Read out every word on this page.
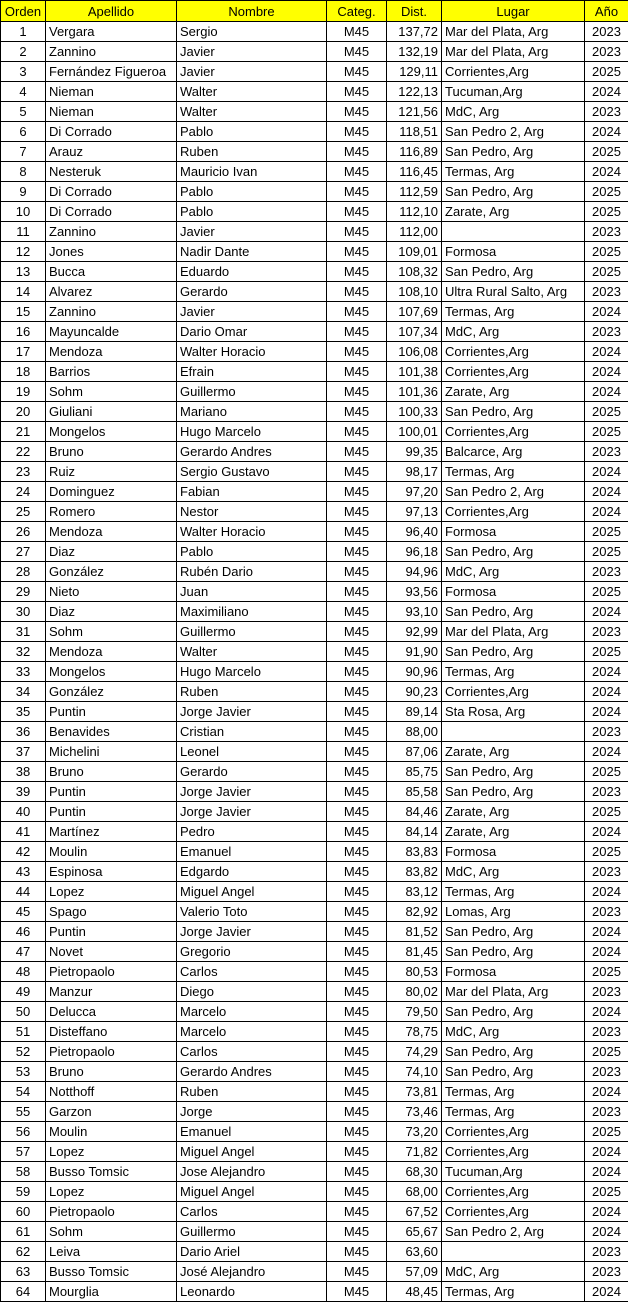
Orden	Apellido	Nombre	Categ.	Dist.	Lugar	Año
1	Vergara	Sergio	M45	137,72	Mar del Plata, Arg	2023
2	Zannino	Javier	M45	132,19	Mar del Plata, Arg	2023
3	Fernández Figueroa	Javier	M45	129,11	Corrientes,Arg	2025
4	Nieman	Walter	M45	122,13	Tucuman,Arg	2024
5	Nieman	Walter	M45	121,56	MdC, Arg	2023
6	Di Corrado	Pablo	M45	118,51	San Pedro 2, Arg	2024
7	Arauz	Ruben	M45	116,89	San Pedro, Arg	2025
8	Nesteruk	Mauricio Ivan	M45	116,45	Termas, Arg	2024
9	Di Corrado	Pablo	M45	112,59	San Pedro, Arg	2025
10	Di Corrado	Pablo	M45	112,10	Zarate, Arg	2025
11	Zannino	Javier	M45	112,00		2023
12	Jones	Nadir Dante	M45	109,01	Formosa	2025
13	Bucca	Eduardo	M45	108,32	San Pedro, Arg	2025
14	Alvarez	Gerardo	M45	108,10	Ultra Rural Salto, Arg	2023
15	Zannino	Javier	M45	107,69	Termas, Arg	2024
16	Mayuncalde	Dario Omar	M45	107,34	MdC, Arg	2023
17	Mendoza	Walter Horacio	M45	106,08	Corrientes,Arg	2024
18	Barrios	Efrain	M45	101,38	Corrientes,Arg	2024
19	Sohm	Guillermo	M45	101,36	Zarate, Arg	2024
20	Giuliani	Mariano	M45	100,33	San Pedro, Arg	2025
21	Mongelos	Hugo Marcelo	M45	100,01	Corrientes,Arg	2025
22	Bruno	Gerardo Andres	M45	99,35	Balcarce, Arg	2023
23	Ruiz	Sergio Gustavo	M45	98,17	Termas, Arg	2024
24	Dominguez	Fabian	M45	97,20	San Pedro 2, Arg	2024
25	Romero	Nestor	M45	97,13	Corrientes,Arg	2024
26	Mendoza	Walter Horacio	M45	96,40	Formosa	2025
27	Diaz	Pablo	M45	96,18	San Pedro, Arg	2025
28	González	Rubén Dario	M45	94,96	MdC, Arg	2023
29	Nieto	Juan	M45	93,56	Formosa	2025
30	Diaz	Maximiliano	M45	93,10	San Pedro, Arg	2024
31	Sohm	Guillermo	M45	92,99	Mar del Plata, Arg	2023
32	Mendoza	Walter	M45	91,90	San Pedro, Arg	2025
33	Mongelos	Hugo Marcelo	M45	90,96	Termas, Arg	2024
34	González	Ruben	M45	90,23	Corrientes,Arg	2024
35	Puntin	Jorge Javier	M45	89,14	Sta Rosa, Arg	2024
36	Benavides	Cristian	M45	88,00		2023
37	Michelini	Leonel	M45	87,06	Zarate, Arg	2024
38	Bruno	Gerardo	M45	85,75	San Pedro, Arg	2025
39	Puntin	Jorge Javier	M45	85,58	San Pedro, Arg	2023
40	Puntin	Jorge Javier	M45	84,46	Zarate, Arg	2025
41	Martínez	Pedro	M45	84,14	Zarate, Arg	2024
42	Moulin	Emanuel	M45	83,83	Formosa	2025
43	Espinosa	Edgardo	M45	83,82	MdC, Arg	2023
44	Lopez	Miguel Angel	M45	83,12	Termas, Arg	2024
45	Spago	Valerio Toto	M45	82,92	Lomas, Arg	2023
46	Puntin	Jorge Javier	M45	81,52	San Pedro, Arg	2024
47	Novet	Gregorio	M45	81,45	San Pedro, Arg	2024
48	Pietropaolo	Carlos	M45	80,53	Formosa	2025
49	Manzur	Diego	M45	80,02	Mar del Plata, Arg	2023
50	Delucca	Marcelo	M45	79,50	San Pedro, Arg	2024
51	Disteffano	Marcelo	M45	78,75	MdC, Arg	2023
52	Pietropaolo	Carlos	M45	74,29	San Pedro, Arg	2025
53	Bruno	Gerardo Andres	M45	74,10	San Pedro, Arg	2023
54	Notthoff	Ruben	M45	73,81	Termas, Arg	2024
55	Garzon	Jorge	M45	73,46	Termas, Arg	2023
56	Moulin	Emanuel	M45	73,20	Corrientes,Arg	2025
57	Lopez	Miguel Angel	M45	71,82	Corrientes,Arg	2024
58	Busso Tomsic	Jose Alejandro	M45	68,30	Tucuman,Arg	2024
59	Lopez	Miguel Angel	M45	68,00	Corrientes,Arg	2025
60	Pietropaolo	Carlos	M45	67,52	Corrientes,Arg	2024
61	Sohm	Guillermo	M45	65,67	San Pedro 2, Arg	2024
62	Leiva	Dario Ariel	M45	63,60		2023
63	Busso Tomsic	José Alejandro	M45	57,09	MdC, Arg	2023
64	Mourglia	Leonardo	M45	48,45	Termas, Arg	2024
